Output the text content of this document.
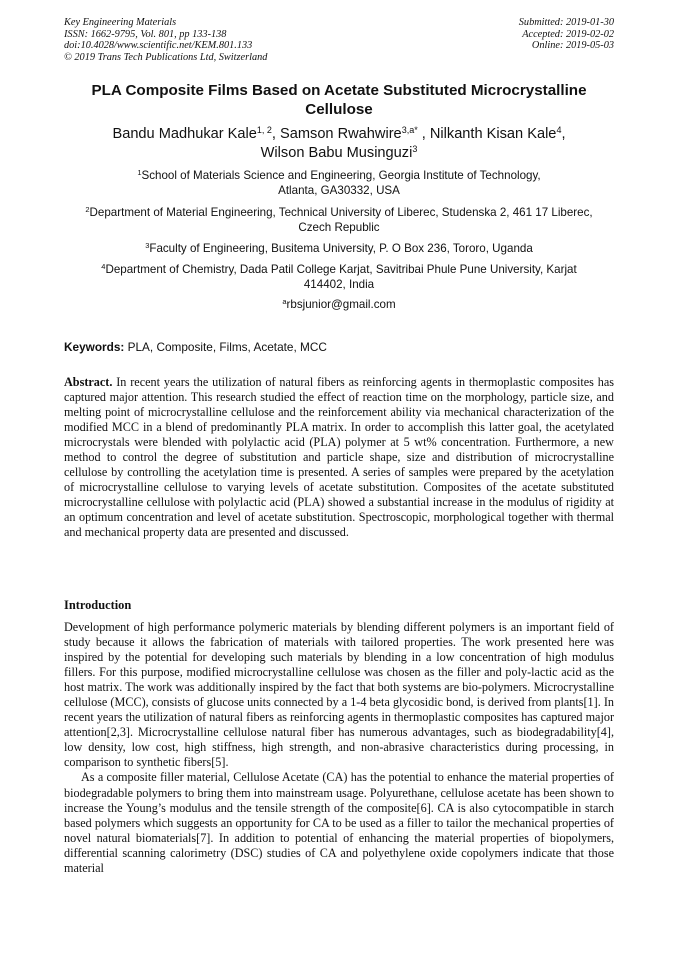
Key Engineering Materials
ISSN: 1662-9795, Vol. 801, pp 133-138
doi:10.4028/www.scientific.net/KEM.801.133
© 2019 Trans Tech Publications Ltd, Switzerland
Submitted: 2019-01-30
Accepted: 2019-02-02
Online: 2019-05-03
PLA Composite Films Based on Acetate Substituted Microcrystalline Cellulose
Bandu Madhukar Kale$^{1, 2}$, Samson Rwahwire$^{3,a*}$ , Nilkanth Kisan Kale$^4$,
Wilson Babu Musinguzi$^3$
$^1$School of Materials Science and Engineering, Georgia Institute of Technology, Atlanta, GA30332, USA
$^2$Department of Material Engineering, Technical University of Liberec, Studenska 2, 461 17 Liberec, Czech Republic
$^3$Faculty of Engineering, Busitema University, P. O Box 236, Tororo, Uganda
$^4$Department of Chemistry, Dada Patil College Karjat, Savitribai Phule Pune University, Karjat 414402, India
$^a$rbsjunior@gmail.com
Keywords: PLA, Composite, Films, Acetate, MCC
Abstract. In recent years the utilization of natural fibers as reinforcing agents in thermoplastic composites has captured major attention. This research studied the effect of reaction time on the morphology, particle size, and melting point of microcrystalline cellulose and the reinforcement ability via mechanical characterization of the modified MCC in a blend of predominantly PLA matrix. In order to accomplish this latter goal, the acetylated microcrystals were blended with polylactic acid (PLA) polymer at 5 wt% concentration. Furthermore, a new method to control the degree of substitution and particle shape, size and distribution of microcrystalline cellulose by controlling the acetylation time is presented. A series of samples were prepared by the acetylation of microcrystalline cellulose to varying levels of acetate substitution. Composites of the acetate substituted microcrystalline cellulose with polylactic acid (PLA) showed a substantial increase in the modulus of rigidity at an optimum concentration and level of acetate substitution. Spectroscopic, morphological together with thermal and mechanical property data are presented and discussed.
Introduction
Development of high performance polymeric materials by blending different polymers is an important field of study because it allows the fabrication of materials with tailored properties. The work presented here was inspired by the potential for developing such materials by blending in a low concentration of high modulus fillers. For this purpose, modified microcrystalline cellulose was chosen as the filler and poly-lactic acid as the host matrix. The work was additionally inspired by the fact that both systems are bio-polymers. Microcrystalline cellulose (MCC), consists of glucose units connected by a 1-4 beta glycosidic bond, is derived from plants[1]. In recent years the utilization of natural fibers as reinforcing agents in thermoplastic composites has captured major attention[2,3]. Microcrystalline cellulose natural fiber has numerous advantages, such as biodegradability[4], low density, low cost, high stiffness, high strength, and non-abrasive characteristics during processing, in comparison to synthetic fibers[5].
As a composite filler material, Cellulose Acetate (CA) has the potential to enhance the material properties of biodegradable polymers to bring them into mainstream usage. Polyurethane, cellulose acetate has been shown to increase the Young’s modulus and the tensile strength of the composite[6]. CA is also cytocompatible in starch based polymers which suggests an opportunity for CA to be used as a filler to tailor the mechanical properties of novel natural biomaterials[7]. In addition to potential of enhancing the material properties of biopolymers, differential scanning calorimetry (DSC) studies of CA and polyethylene oxide copolymers indicate that those material
